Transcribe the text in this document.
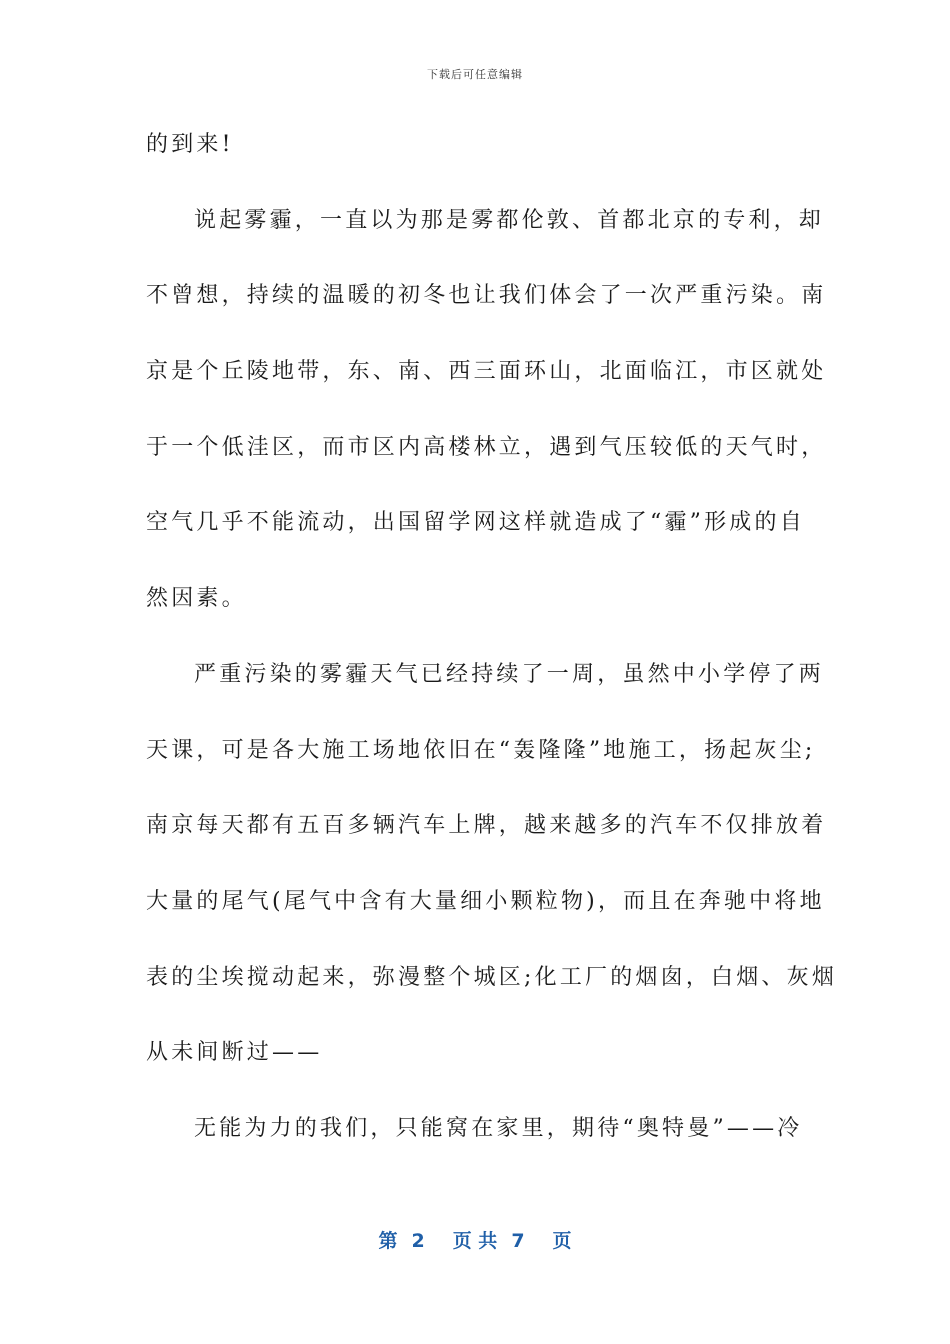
下载后可任意编辑
的到来!
说起雾霾，一直以为那是雾都伦敦、首都北京的专利，却
不曾想，持续的温暖的初冬也让我们体会了一次严重污染。南
京是个丘陵地带，东、南、西三面环山，北面临江，市区就处
于一个低洼区，而市区内高楼林立，遇到气压较低的天气时，
空气几乎不能流动，出国留学网这样就造成了“霾”形成的自
然因素。
严重污染的雾霾天气已经持续了一周，虽然中小学停了两
天课，可是各大施工场地依旧在“轰隆隆”地施工，扬起灰尘;
南京每天都有五百多辆汽车上牌，越来越多的汽车不仅排放着
大量的尾气(尾气中含有大量细小颗粒物)，而且在奔驰中将地
表的尘埃搅动起来，弥漫整个城区;化工厂的烟囱，白烟、灰烟
从未间断过——
无能为力的我们，只能窝在家里，期待“奥特曼”——冷
第 2 页 共 7 页
